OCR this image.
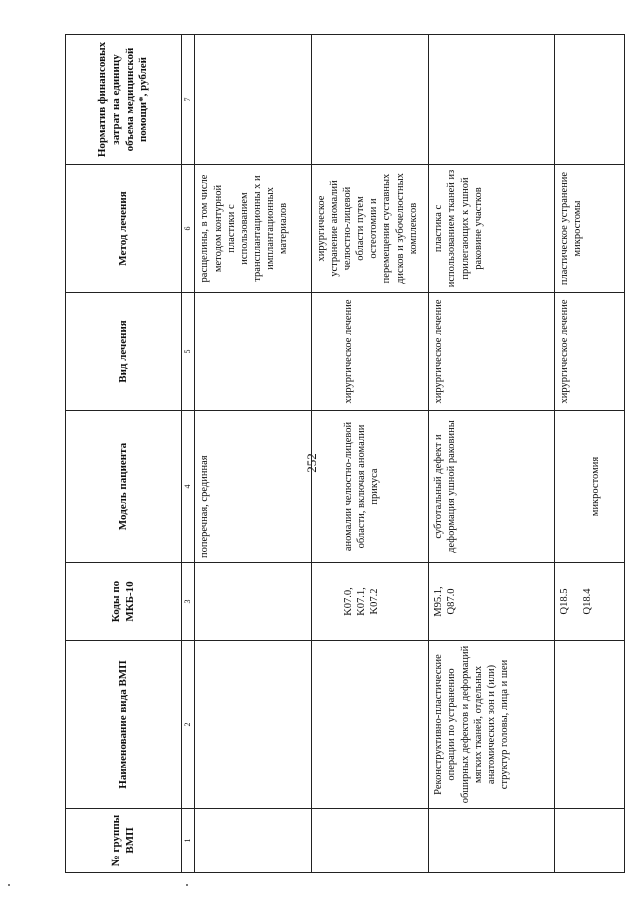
252
№ группы ВМП	Наименование вида ВМП	Коды по МКБ-10	Модель пациента	Вид лечения	Метод лечения	Норматив финансовых затрат на единицу объема медицинской помощи*, рублей
1	2	3	4	5	6	7
			поперечная, срединная		расщелины, в том числе методом контурной пластики с использованием трансплантационны х и имплантационных материалов	

		K07.0, K07.1, K07.2	аномалии челюстно-лицевой области, включая аномалии прикуса	хирургическое лечение	хирургическое устранение аномалий челюстно-лицевой области путем остеотомии и перемещения суставных дисков и зубочелюстных комплексов	
	Реконструктивно-пластические операции по устранению обширных дефектов и деформаций мягких тканей, отдельных анатомических зон и (или) структур головы, лица и шеи	M95.1, Q87.0	субтотальный дефект и деформация ушной раковины	хирургическое лечение	пластика с использованием тканей из прилегающих к ушной раковине участков	

		Q18.5 Q18.4	микростомия	хирургическое лечение	пластическое устранение микростомы	
